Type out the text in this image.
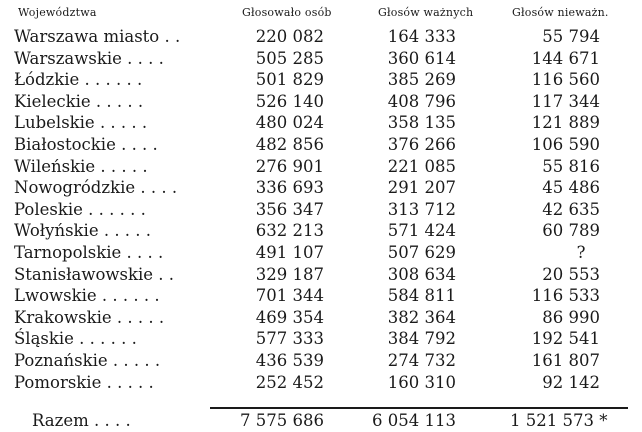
Województwa	Głosowało osób	Głosów ważnych	Głosów nieważn.
Warszawa miasto . .	220 082	164 333	55 794
Warszawskie . . . .	505 285	360 614	144 671
Łódzkie . . . . . .	501 829	385 269	116 560
Kieleckie . . . . .	526 140	408 796	117 344
Lubelskie . . . . .	480 024	358 135	121 889
Białostockie . . . .	482 856	376 266	106 590
Wileńskie . . . . .	276 901	221 085	55 816
Nowogródzkie . . . .	336 693	291 207	45 486
Poleskie . . . . . .	356 347	313 712	42 635
Wołyńskie . . . . .	632 213	571 424	60 789
Tarnopolskie . . . .	491 107	507 629	?
Stanisławowskie . .	329 187	308 634	20 553
Lwowskie . . . . . .	701 344	584 811	116 533
Krakowskie . . . . .	469 354	382 364	86 990
Śląskie . . . . . .	577 333	384 792	192 541
Poznańskie . . . . .	436 539	274 732	161 807
Pomorskie . . . . .	252 452	160 310	92 142
Razem . . . .	7 575 686	6 054 113	1 521 573 *
